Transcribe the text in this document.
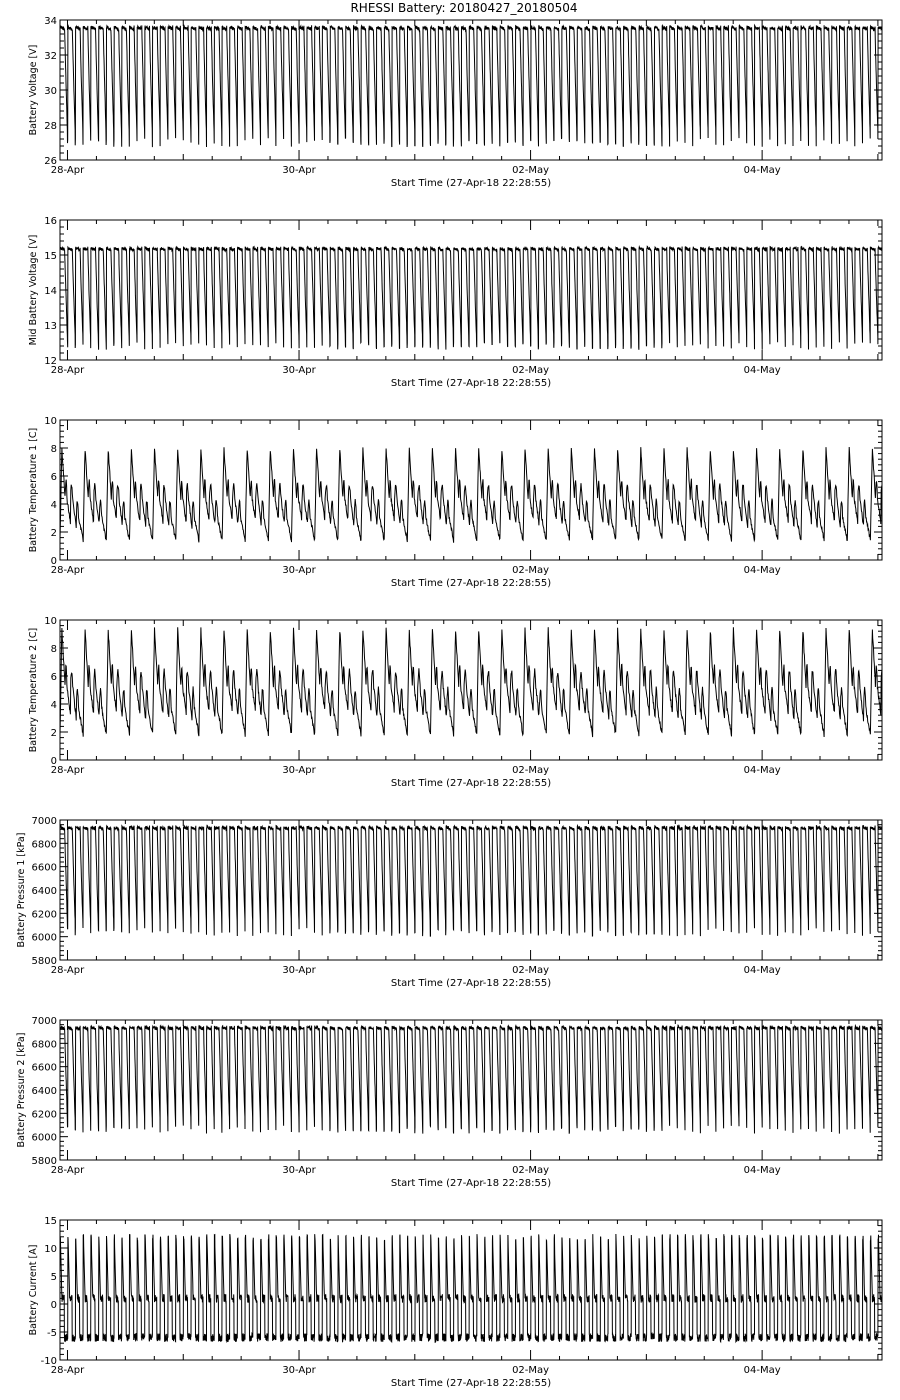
RHESSI Battery: 20180427_20180504
26
28
30
32
34
28-Apr	30-Apr	02-May	04-May
Start Time (27-Apr-18 22:28:55)
Battery Voltage [V]
12
13
14
15
16
28-Apr	30-Apr	02-May	04-May
Start Time (27-Apr-18 22:28:55)
Mid Battery Voltage [V]
0
2
4
6
8
10
28-Apr	30-Apr	02-May	04-May
Start Time (27-Apr-18 22:28:55)
Battery Temperature 1 [C]
0
2
4
6
8
10
28-Apr	30-Apr	02-May	04-May
Start Time (27-Apr-18 22:28:55)
Battery Temperature 2 [C]
5800
6000
6200
6400
6600
6800
7000
28-Apr	30-Apr	02-May	04-May
Start Time (27-Apr-18 22:28:55)
Battery Pressure 1 [kPa]
5800
6000
6200
6400
6600
6800
7000
28-Apr	30-Apr	02-May	04-May
Start Time (27-Apr-18 22:28:55)
Battery Pressure 2 [kPa]
-10
-5
0
5
10
15
28-Apr	30-Apr	02-May	04-May
Start Time (27-Apr-18 22:28:55)
Battery Current [A]
